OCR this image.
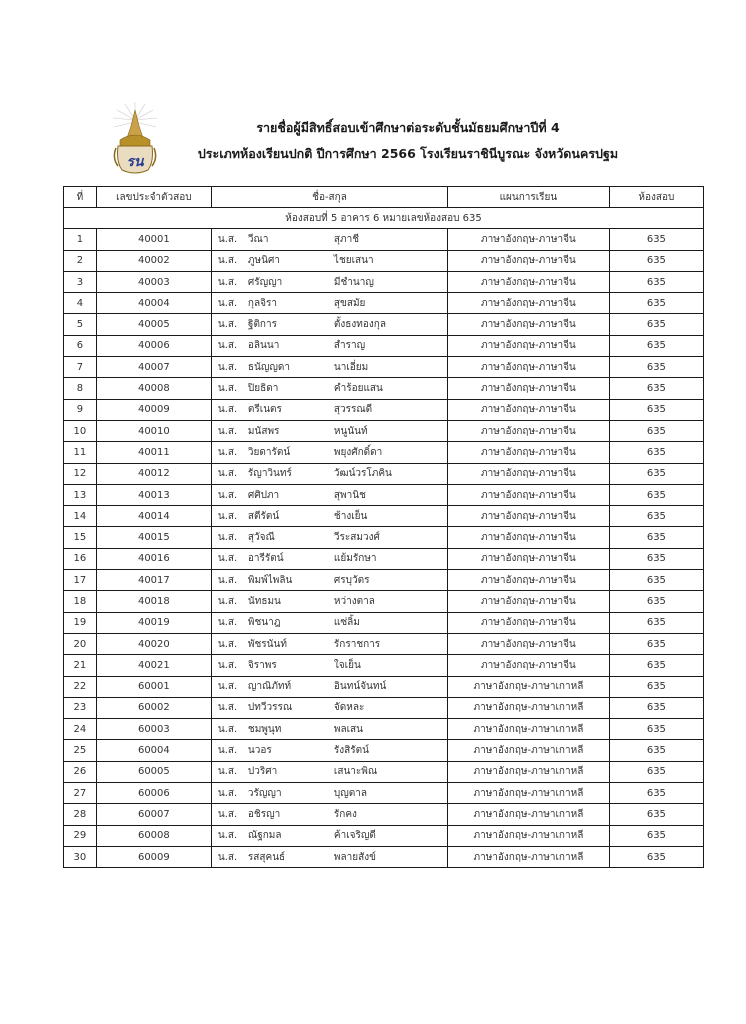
รน
รายชื่อผู้มีสิทธิ์สอบเข้าศึกษาต่อระดับชั้นมัธยมศึกษาปีที่ 4
ประเภทห้องเรียนปกติ ปีการศึกษา 2566 โรงเรียนราชินีบูรณะ จังหวัดนครปฐม
ที่	เลขประจำตัวสอบ	ชื่อ-สกุล	แผนการเรียน	ห้องสอบ
ห้องสอบที่ 5 อาคาร 6 หมายเลขห้องสอบ 635				
1	40001	น.ส. วีณา สุภาชี	ภาษาอังกฤษ-ภาษาจีน	635
2	40002	น.ส. ภูษนิศา ไชยเสนา	ภาษาอังกฤษ-ภาษาจีน	635
3	40003	น.ส. ศรัญญา มีชำนาญ	ภาษาอังกฤษ-ภาษาจีน	635
4	40004	น.ส. กุลจิรา สุขสมัย	ภาษาอังกฤษ-ภาษาจีน	635
5	40005	น.ส. ฐิติการ ตั้งธงทองกุล	ภาษาอังกฤษ-ภาษาจีน	635
6	40006	น.ส. อลินนา สำราญ	ภาษาอังกฤษ-ภาษาจีน	635
7	40007	น.ส. ธนัญญดา นาเอี่ยม	ภาษาอังกฤษ-ภาษาจีน	635
8	40008	น.ส. ปิยธิดา คำร้อยแสน	ภาษาอังกฤษ-ภาษาจีน	635
9	40009	น.ส. ตรีเนตร สุวรรณดี	ภาษาอังกฤษ-ภาษาจีน	635
10	40010	น.ส. มนัสพร หนูนันท์	ภาษาอังกฤษ-ภาษาจีน	635
11	40011	น.ส. วิยดารัตน์ พยุงศักดิ์ดา	ภาษาอังกฤษ-ภาษาจีน	635
12	40012	น.ส. รัญาวินทร์ วัฒน์วรโภคิน	ภาษาอังกฤษ-ภาษาจีน	635
13	40013	น.ส. ศศิปภา สุพานิช	ภาษาอังกฤษ-ภาษาจีน	635
14	40014	น.ส. สตีรัตน์ ช้างเย็น	ภาษาอังกฤษ-ภาษาจีน	635
15	40015	น.ส. สุวัจณี วีระสมวงศ์	ภาษาอังกฤษ-ภาษาจีน	635
16	40016	น.ส. อารีรัตน์ แย้มรักษา	ภาษาอังกฤษ-ภาษาจีน	635
17	40017	น.ส. พิมพ์ไพลิน ศรบุวัตร	ภาษาอังกฤษ-ภาษาจีน	635
18	40018	น.ส. นัทธมน หว่างตาล	ภาษาอังกฤษ-ภาษาจีน	635
19	40019	น.ส. พิชนาฎ แซ่ลิ้ม	ภาษาอังกฤษ-ภาษาจีน	635
20	40020	น.ส. พัชรนันท์ รักราชการ	ภาษาอังกฤษ-ภาษาจีน	635
21	40021	น.ส. จิราพร ใจเย็น	ภาษาอังกฤษ-ภาษาจีน	635
22	60001	น.ส. ญาณิภัทท์ อินทน์จันทน์	ภาษาอังกฤษ-ภาษาเกาหลี	635
23	60002	น.ส. ปทวีวรรณ จัดหละ	ภาษาอังกฤษ-ภาษาเกาหลี	635
24	60003	น.ส. ชมพูนุท พลเสน	ภาษาอังกฤษ-ภาษาเกาหลี	635
25	60004	น.ส. นวอร รังสิรัตน์	ภาษาอังกฤษ-ภาษาเกาหลี	635
26	60005	น.ส. ปวริศา เสนาะพิณ	ภาษาอังกฤษ-ภาษาเกาหลี	635
27	60006	น.ส. วรัญญา บุญตาล	ภาษาอังกฤษ-ภาษาเกาหลี	635
28	60007	น.ส. อชิรญา รักคง	ภาษาอังกฤษ-ภาษาเกาหลี	635
29	60008	น.ส. ณัฐกมล ค้าเจริญดี	ภาษาอังกฤษ-ภาษาเกาหลี	635
30	60009	น.ส. รสสุคนธ์ พลายสังข์	ภาษาอังกฤษ-ภาษาเกาหลี	635
